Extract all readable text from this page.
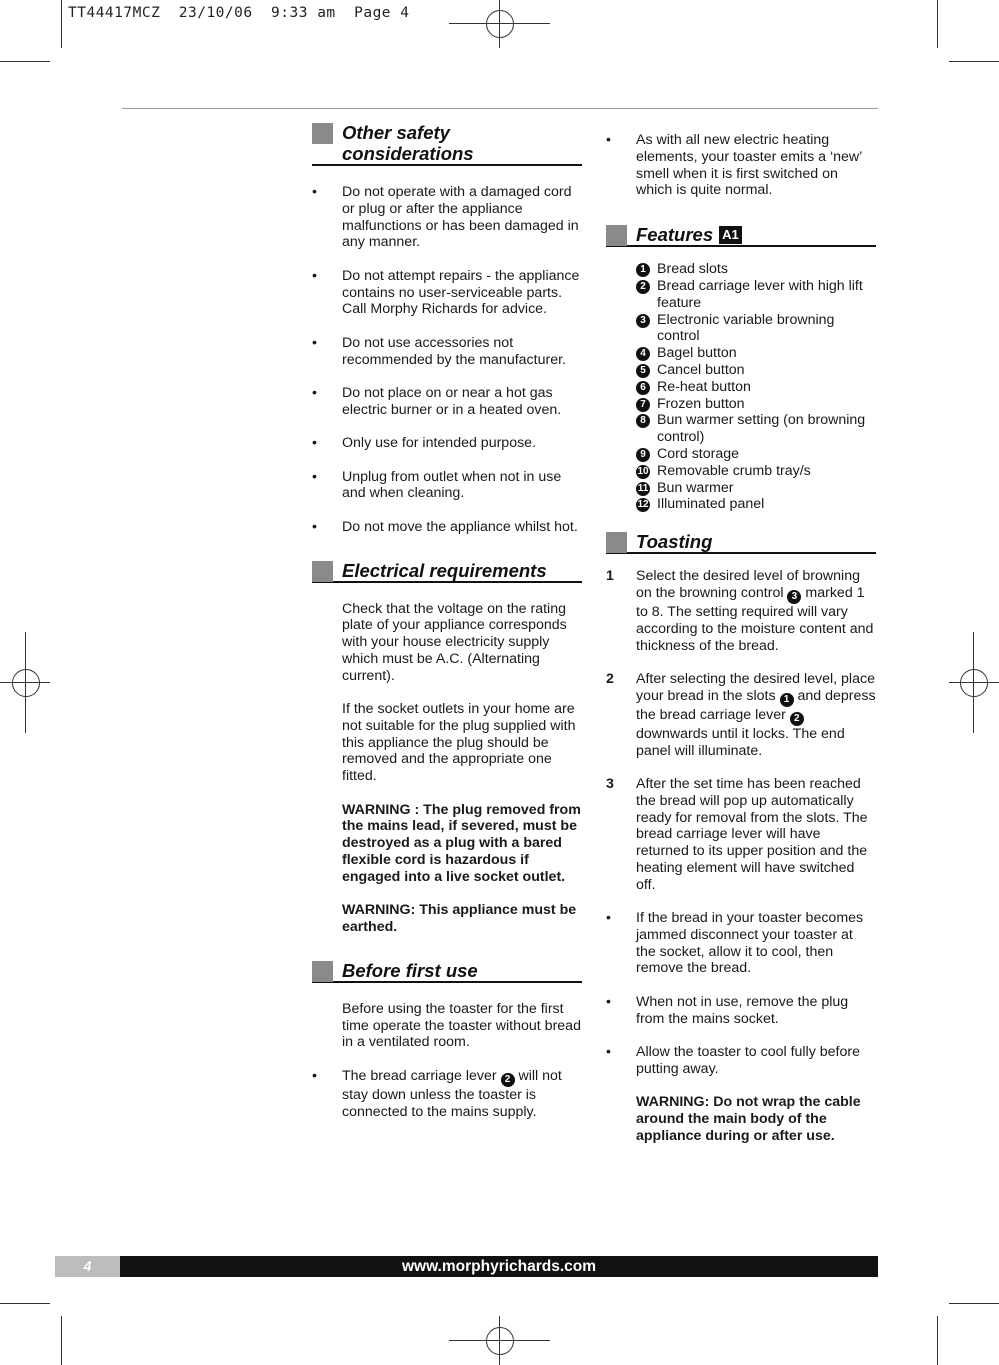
TT44417MCZ  23/10/06  9:33 am  Page 4
Other safety considerations
•	Do not operate with a damaged cord or plug or after the appliance malfunctions or has been damaged in any manner.
•	Do not attempt repairs - the appliance contains no user-serviceable parts. Call Morphy Richards for advice.
•	Do not use accessories not recommended by the manufacturer.
•	Do not place on or near a hot gas electric burner or in a heated oven.
•	Only use for intended purpose.
•	Unplug from outlet when not in use and when cleaning.
•	Do not move the appliance whilst hot.
Electrical requirements
Check that the voltage on the rating plate of your appliance corresponds with your house electricity supply which must be A.C. (Alternating current).
If the socket outlets in your home are not suitable for the plug supplied with this appliance the plug should be removed and the appropriate one fitted.
WARNING : The plug removed from the mains lead, if severed, must be destroyed as a plug with a bared flexible cord is hazardous if engaged into a live socket outlet.
WARNING: This appliance must be earthed.
Before first use
Before using the toaster for the first time operate the toaster without bread in a ventilated room.
•	The bread carriage lever 2 will not stay down unless the toaster is connected to the mains supply.
•	As with all new electric heating elements, your toaster emits a ‘new’ smell when it is first switched on which is quite normal.
Features A1
1 Bread slots
2 Bread carriage lever with high lift feature
3 Electronic variable browning control
4 Bagel button
5 Cancel button
6 Re-heat button
7 Frozen button
8 Bun warmer setting (on browning control)
9 Cord storage
10 Removable crumb tray/s
11 Bun warmer
12 Illuminated panel
Toasting
1	Select the desired level of browning on the browning control 3 marked 1 to 8. The setting required will vary according to the moisture content and thickness of the bread.
2	After selecting the desired level, place your bread in the slots 1 and depress the bread carriage lever 2 downwards until it locks. The end panel will illuminate.
3	After the set time has been reached the bread will pop up automatically ready for removal from the slots. The bread carriage lever will have returned to its upper position and the heating element will have switched off.
•	If the bread in your toaster becomes jammed disconnect your toaster at the socket, allow it to cool, then remove the bread.
•	When not in use, remove the plug from the mains socket.
•	Allow the toaster to cool fully before putting away.
WARNING: Do not wrap the cable around the main body of the appliance during or after use.
4	www.morphyrichards.com
